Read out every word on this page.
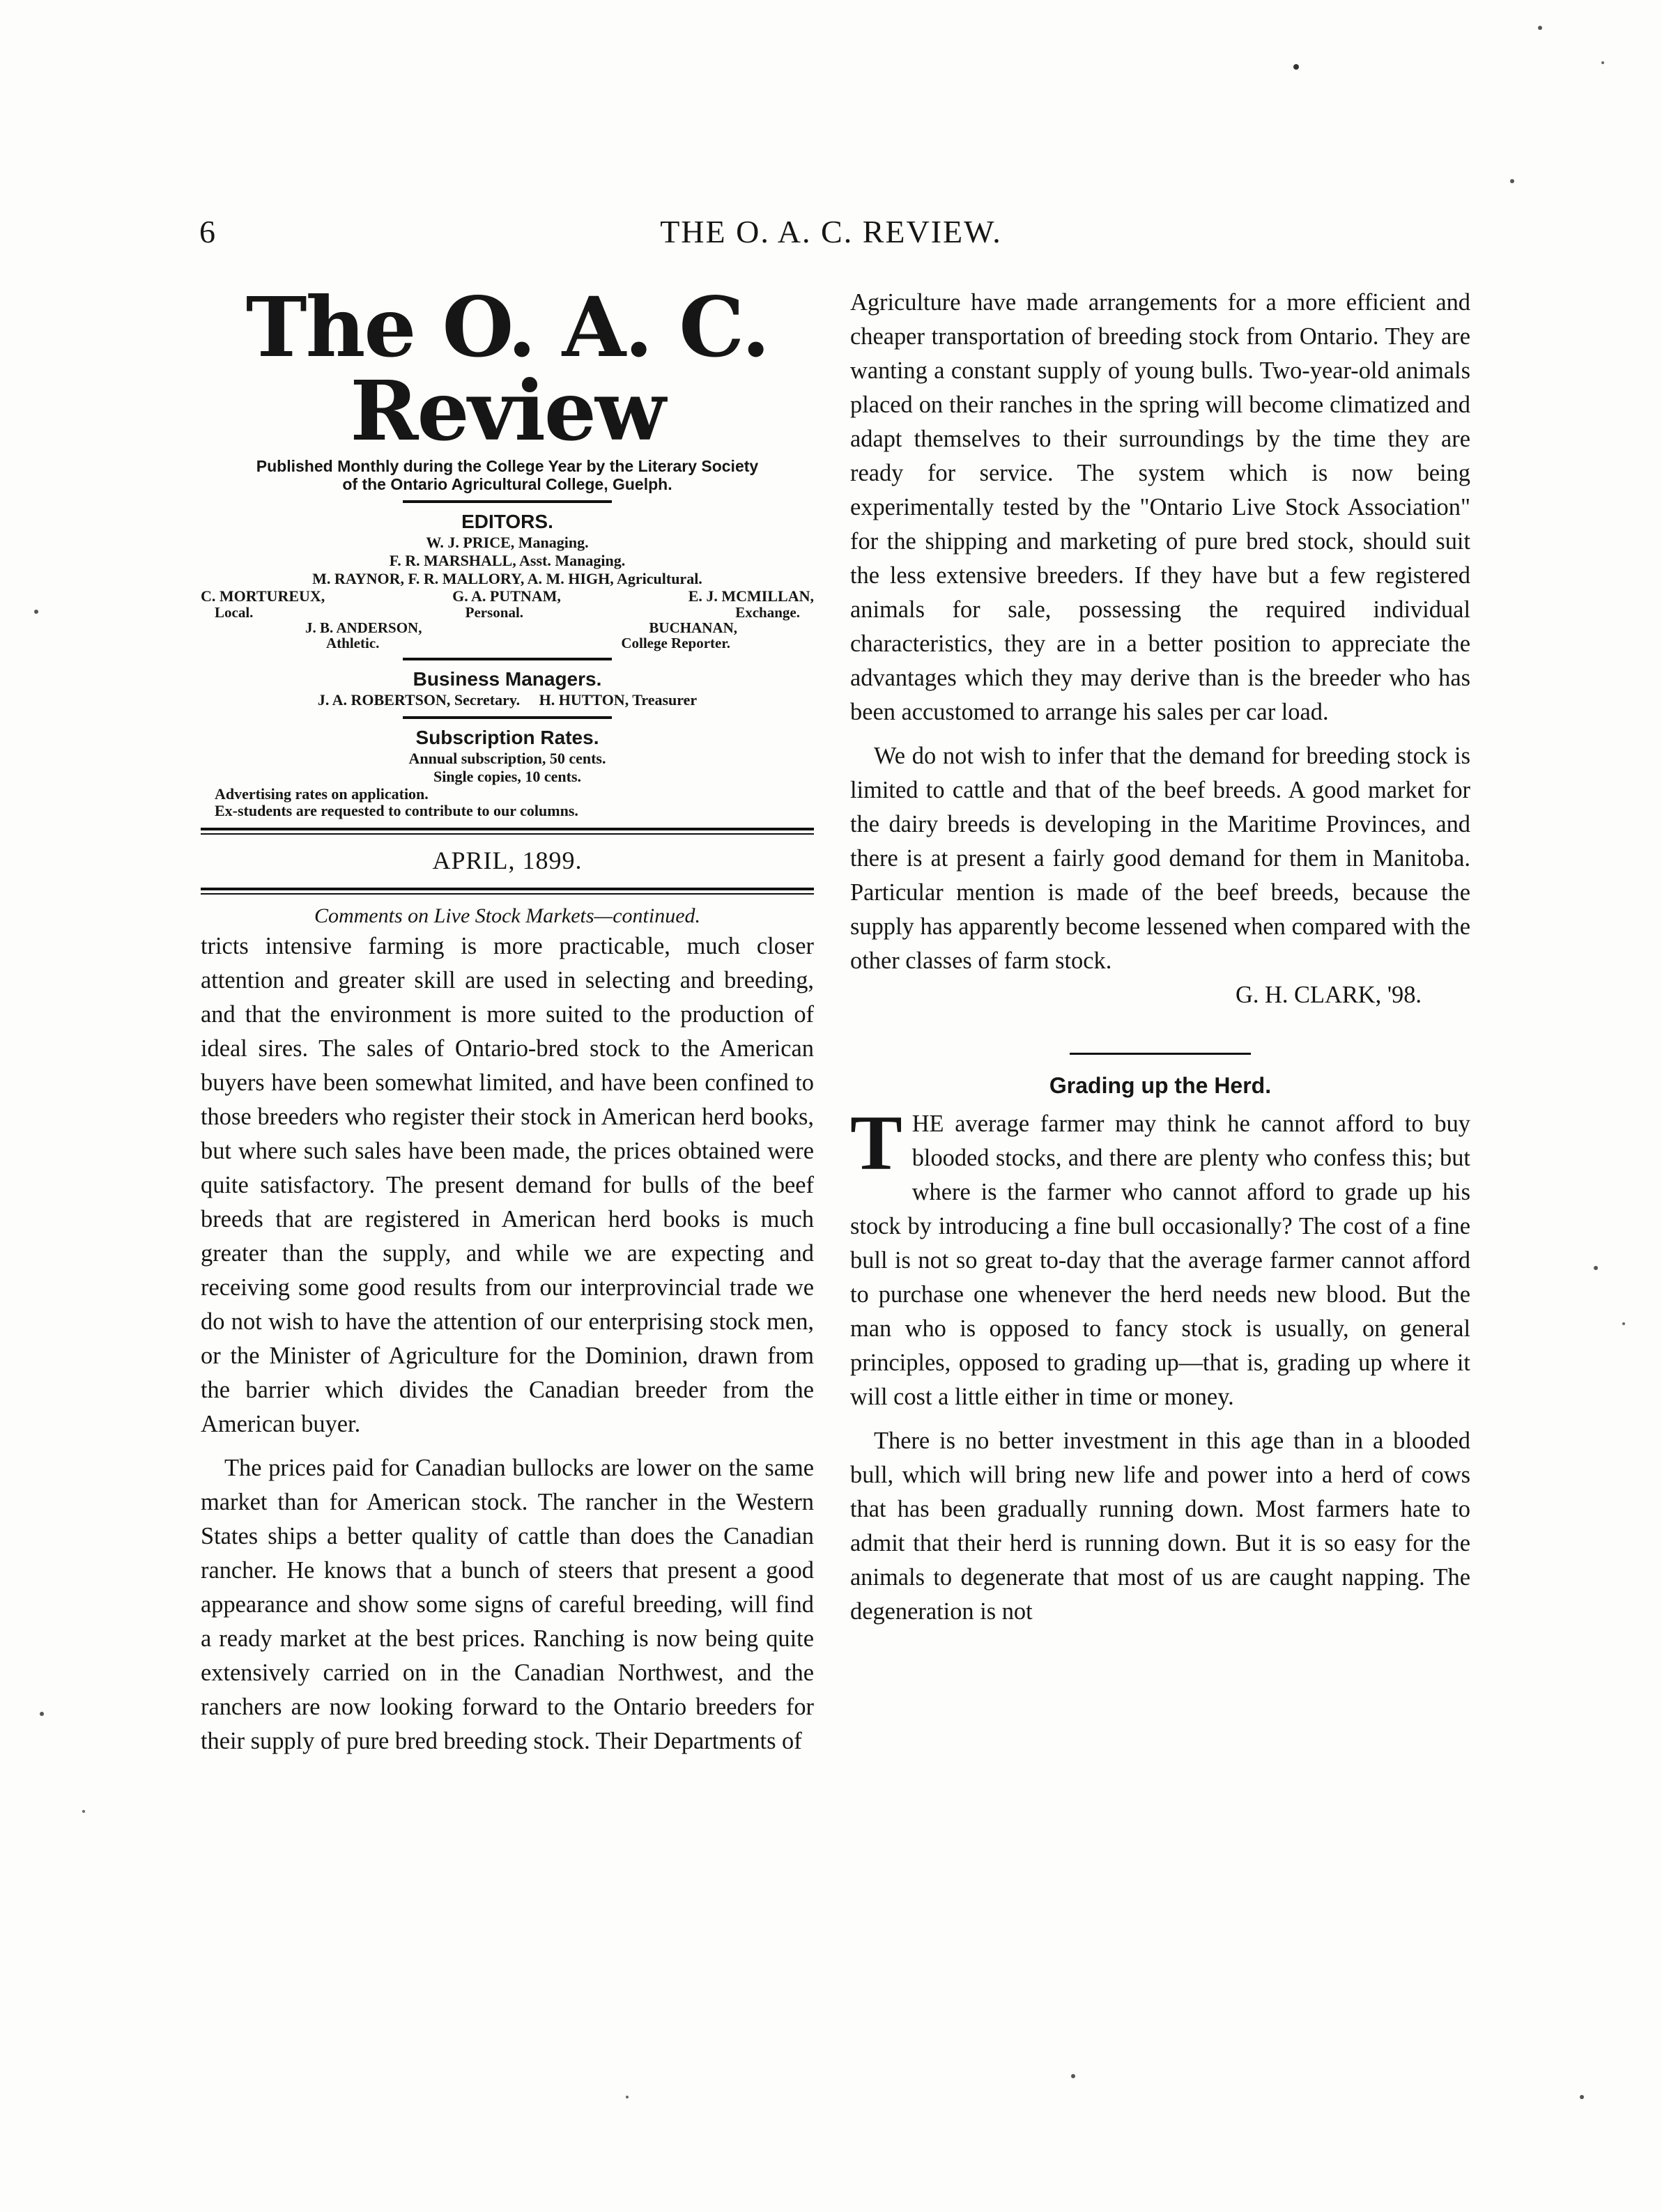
6	THE O. A. C. REVIEW.
The O. A. C. Review

Published Monthly during the College Year by the Literary Society

of the Ontario Agricultural College, Guelph.

EDITORS.

W. J. PRICE, Managing.

F. R. MARSHALL, Asst. Managing.

M. RAYNOR, F. R. MALLORY, A. M. HIGH, Agricultural.

C. MORTUREUX,	G. A. PUTNAM,	E. J. MCMILLAN,
Local.	Personal.	Exchange.
J. B. ANDERSON,	BUCHANAN,
Athletic.	College Reporter.

Business Managers.

J. A. ROBERTSON, Secretary.     H. HUTTON, Treasurer

Subscription Rates.

Annual subscription, 50 cents.

Single copies, 10 cents.

Advertising rates on application.

Ex-students are requested to contribute to our columns.

APRIL, 1899.
Comments on Live Stock Markets—continued.

tricts intensive farming is more practicable, much closer attention and greater skill are used in selecting and breeding, and that the environment is more suited to the production of ideal sires. The sales of Ontario-bred stock to the American buyers have been somewhat limited, and have been confined to those breeders who register their stock in American herd books, but where such sales have been made, the prices obtained were quite satisfactory. The present demand for bulls of the beef breeds that are registered in American herd books is much greater than the supply, and while we are expecting and receiving some good results from our interprovincial trade we do not wish to have the attention of our enterprising stock men, or the Minister of Agriculture for the Dominion, drawn from the barrier which divides the Canadian breeder from the American buyer.

The prices paid for Canadian bullocks are lower on the same market than for American stock. The rancher in the Western States ships a better quality of cattle than does the Canadian rancher. He knows that a bunch of steers that present a good appearance and show some signs of careful breeding, will find a ready market at the best prices. Ranching is now being quite extensively carried on in the Canadian Northwest, and the ranchers are now looking forward to the Ontario breeders for their supply of pure bred breeding stock. Their Departments of

Agriculture have made arrangements for a more efficient and cheaper transportation of breeding stock from Ontario. They are wanting a constant supply of young bulls. Two-year-old animals placed on their ranches in the spring will become climatized and adapt themselves to their surroundings by the time they are ready for service. The system which is now being experimentally tested by the "Ontario Live Stock Association" for the shipping and marketing of pure bred stock, should suit the less extensive breeders. If they have but a few registered animals for sale, possessing the required individual characteristics, they are in a better position to appreciate the advantages which they may derive than is the breeder who has been accustomed to arrange his sales per car load.

We do not wish to infer that the demand for breeding stock is limited to cattle and that of the beef breeds. A good market for the dairy breeds is developing in the Maritime Provinces, and there is at present a fairly good demand for them in Manitoba. Particular mention is made of the beef breeds, because the supply has apparently become lessened when compared with the other classes of farm stock.

G. H. CLARK, '98.
Grading up the Herd.
T HE average farmer may think he cannot afford to buy blooded stocks, and there are plenty who confess this; but where is the farmer who cannot afford to grade up his stock by introducing a fine bull occasionally? The cost of a fine bull is not so great to-day that the average farmer cannot afford to purchase one whenever the herd needs new blood. But the man who is opposed to fancy stock is usually, on general principles, opposed to grading up—that is, grading up where it will cost a little either in time or money.

There is no better investment in this age than in a blooded bull, which will bring new life and power into a herd of cows that has been gradually running down. Most farmers hate to admit that their herd is running down. But it is so easy for the animals to degenerate that most of us are caught napping. The degeneration is not
